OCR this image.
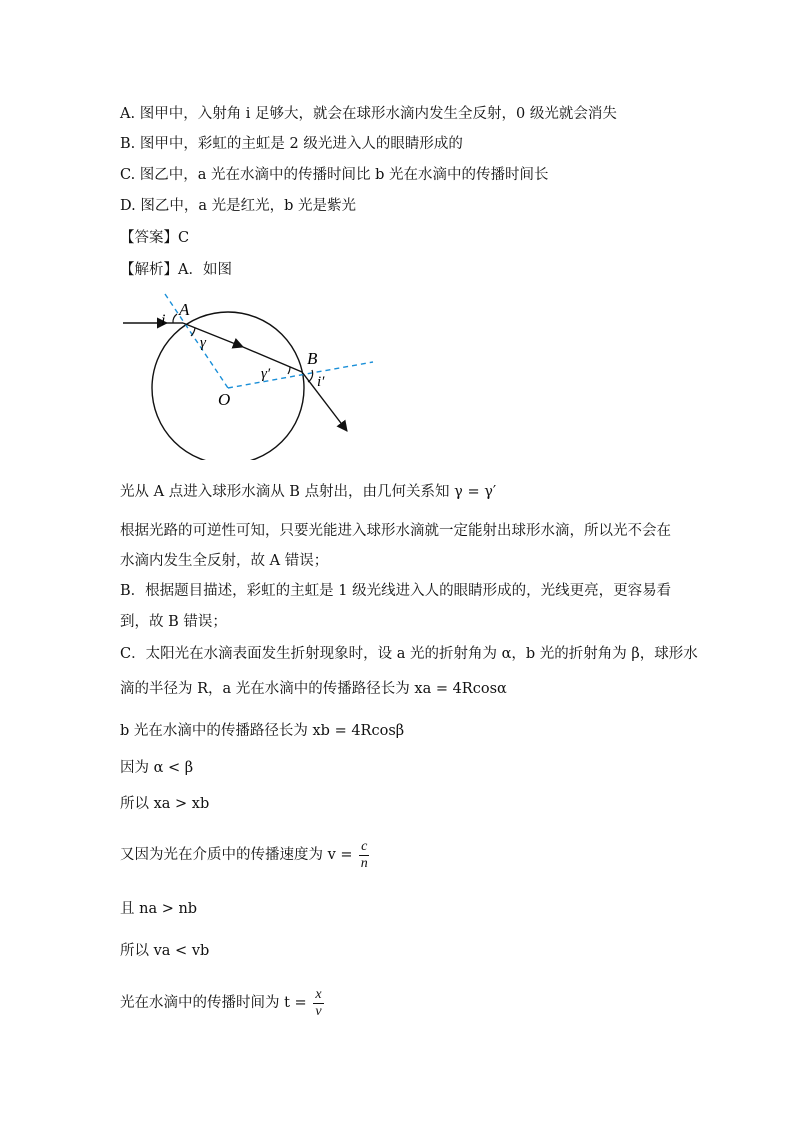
A. 图甲中，入射角 i 足够大，就会在球形水滴内发生全反射，0 级光就会消失
B. 图甲中，彩虹的主虹是 2 级光进入人的眼睛形成的
C. 图乙中，a 光在水滴中的传播时间比 b 光在水滴中的传播时间长
D. 图乙中，a 光是红光，b 光是紫光
【答案】C
【解析】A．如图
A
i
γ
B
γ′	i′
O
光从 A 点进入球形水滴从 B 点射出，由几何关系知 γ = γ′
根据光路的可逆性可知，只要光能进入球形水滴就一定能射出球形水滴，所以光不会在水滴内发生全反射，故 A 错误；
B．根据题目描述，彩虹的主虹是 1 级光线进入人的眼睛形成的，光线更亮，更容易看
到，故 B 错误；
C．太阳光在水滴表面发生折射现象时，设 a 光的折射角为 α，b 光的折射角为 β，球形水
滴的半径为 R，a 光在水滴中的传播路径长为 xa = 4Rcosα
b 光在水滴中的传播路径长为 xb = 4Rcosβ
因为 α < β
所以 xa > xb
又因为光在介质中的传播速度为 $v = \frac{c}{n}$
且 na > nb
所以 va < vb
光在水滴中的传播时间为 $t = \frac{x}{v}$
